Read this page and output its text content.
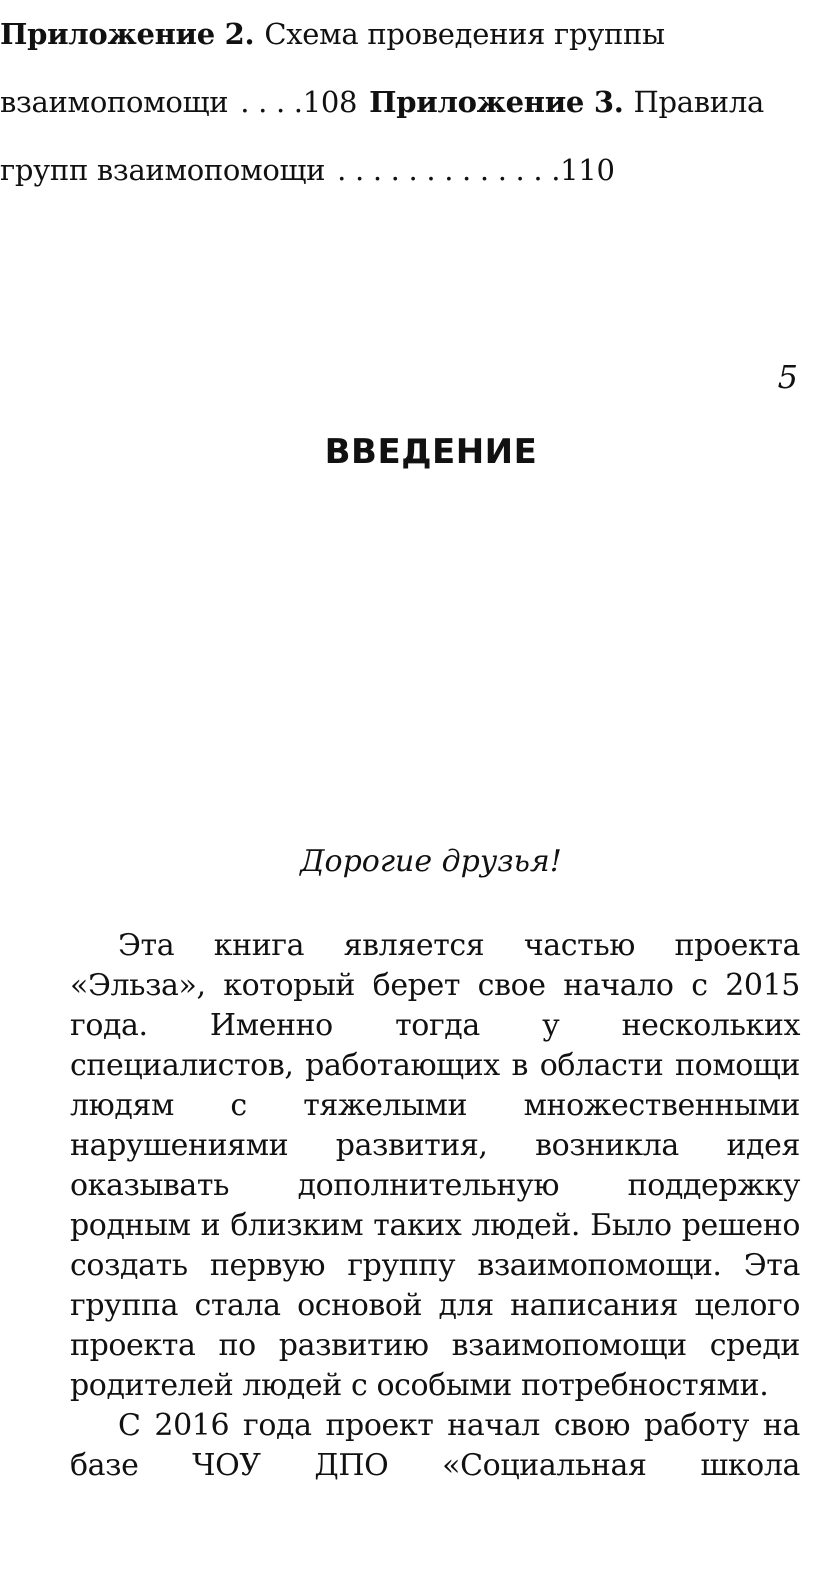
Приложение 2. Схема проведения группы
взаимопомощи . . . . 108 Приложение 3. Правила
групп взаимопомощи . . . . . . . . . . . . . 110
5
ВВЕДЕНИЕ
Дорогие друзья!

Эта книга является частью проекта «Эльза», который берет свое начало с 2015 года. Именно тогда у нескольких специалистов, работающих в области помощи людям с тяжелыми множественными нарушениями развития, возникла идея оказывать дополнительную поддержку родным и близким таких людей. Было решено создать первую группу взаимопомощи. Эта группа стала основой для написания целого проекта по развитию взаимопомощи среди родителей людей с особыми потребностями.

С 2016 года проект начал свою работу на базе ЧОУ ДПО «Социальная школа
